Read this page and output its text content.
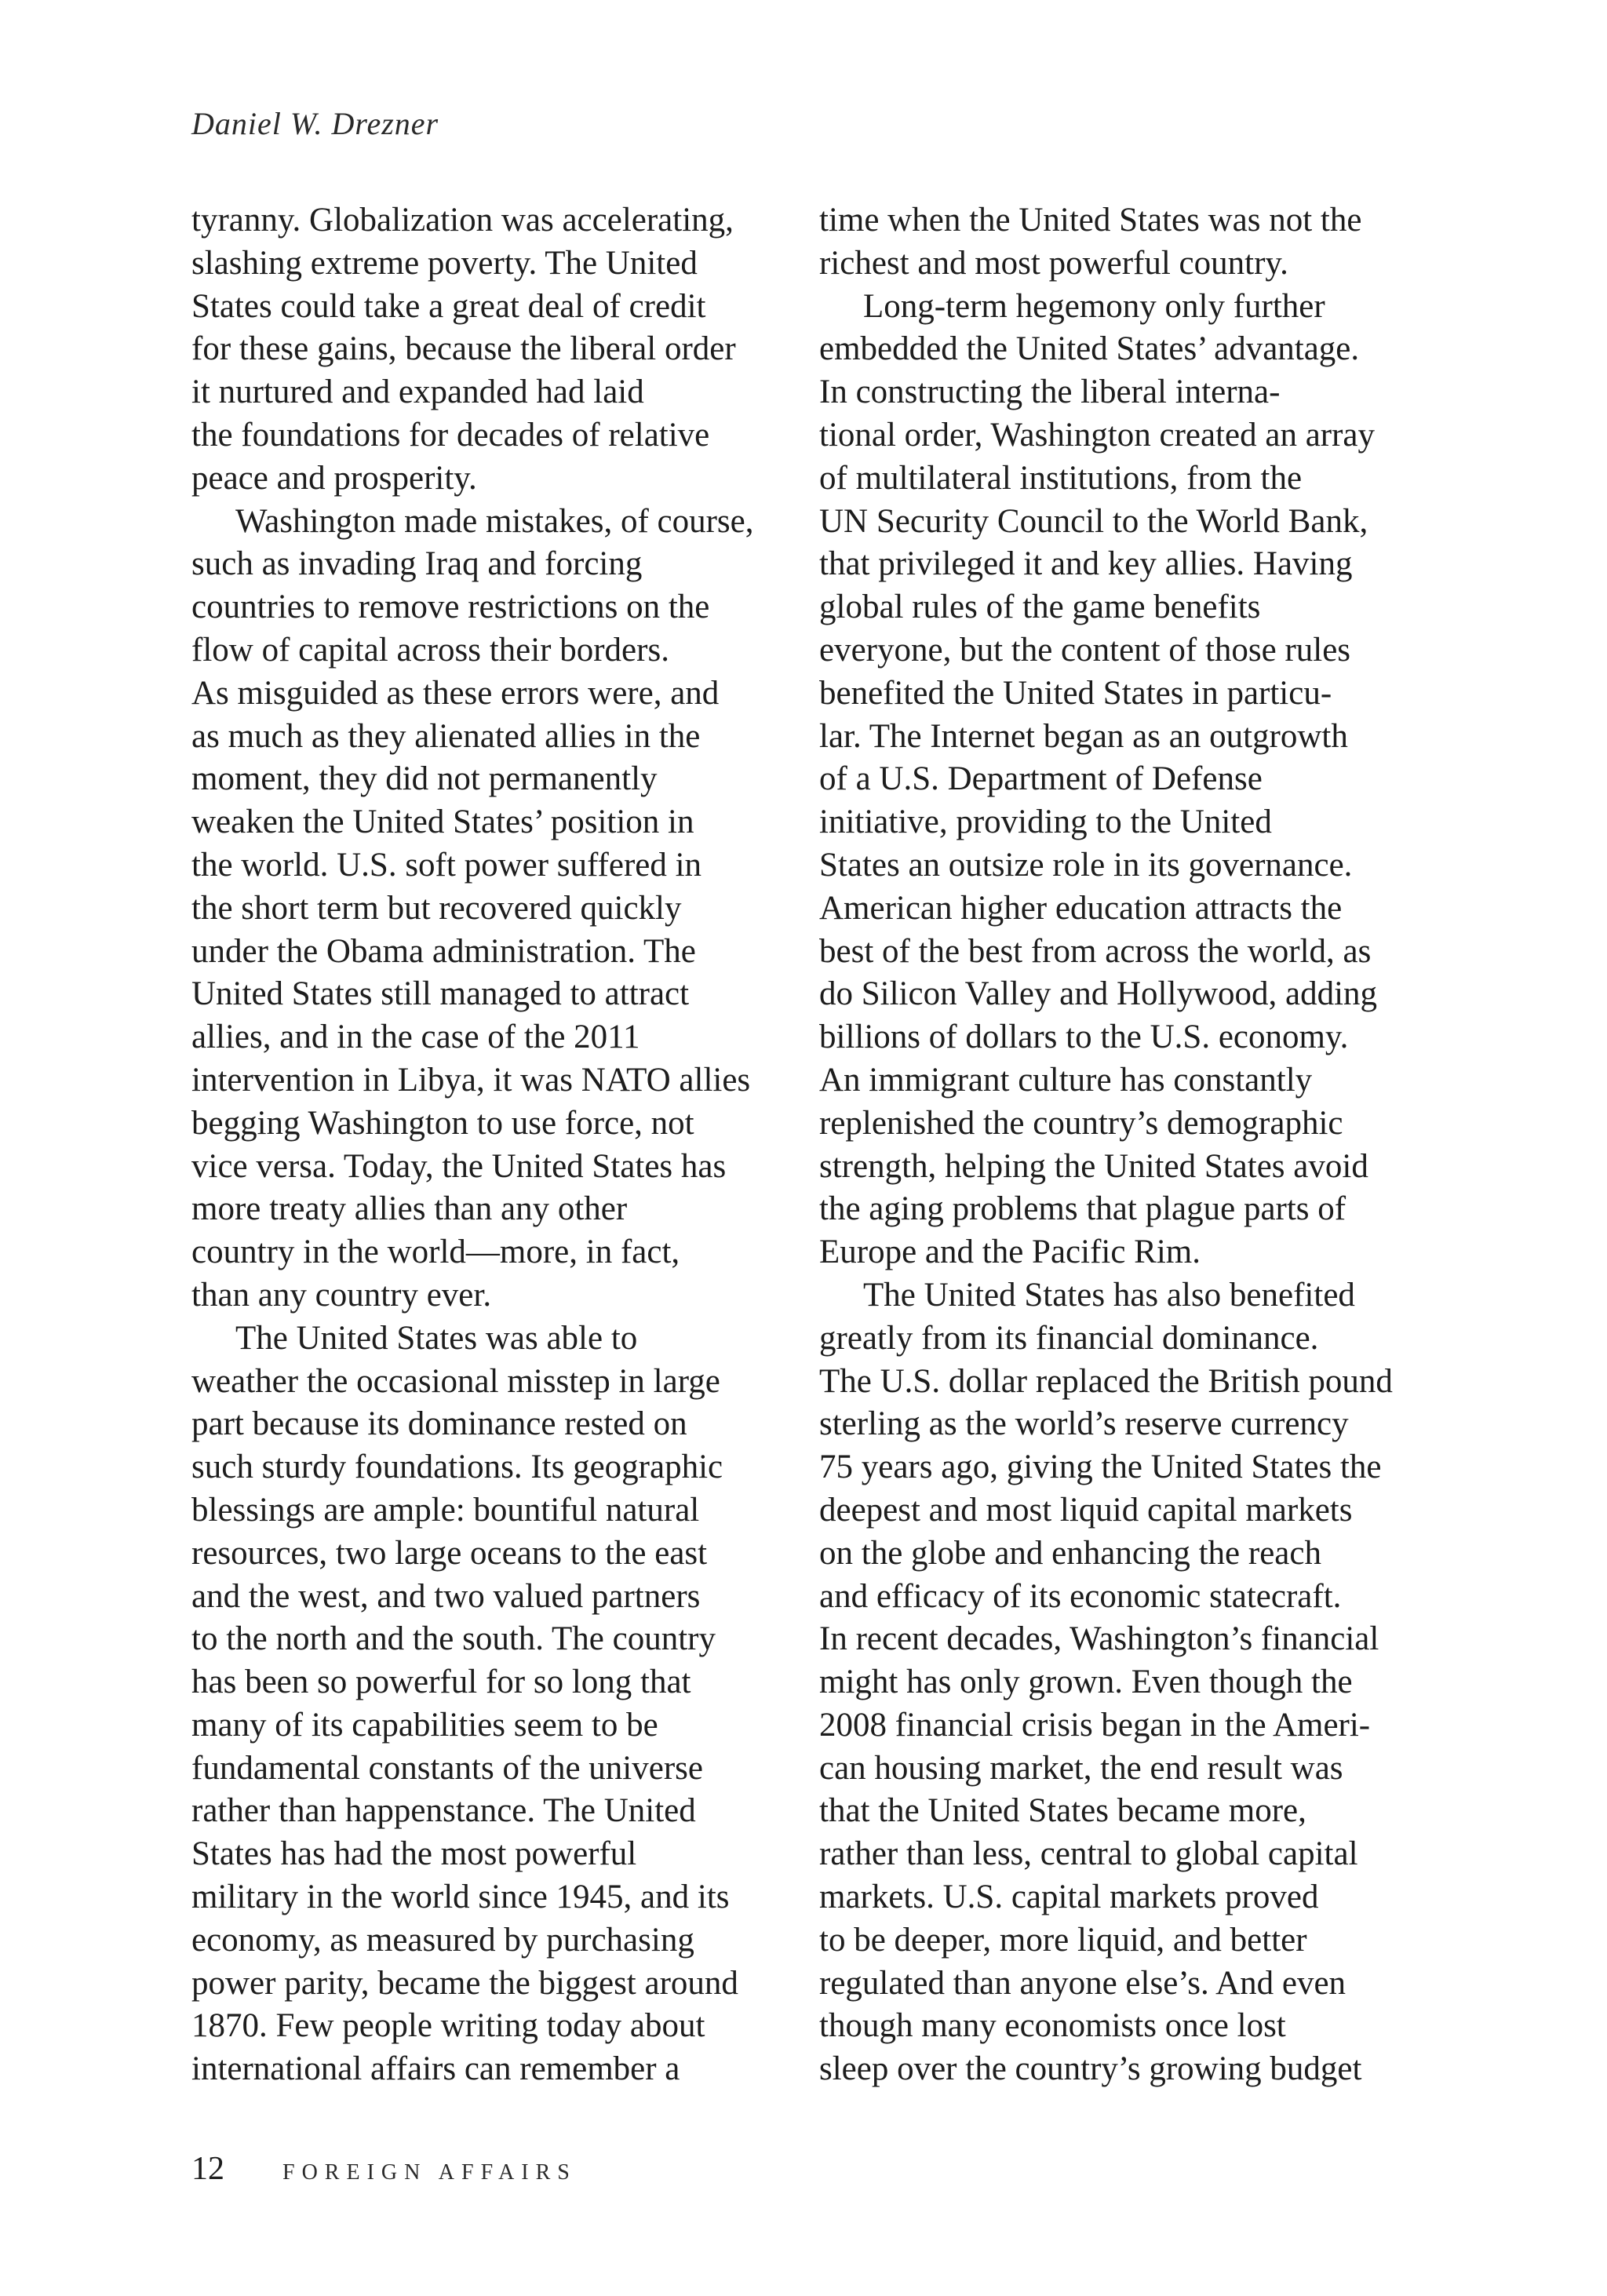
Daniel W. Drezner
tyranny. Globalization was accelerating,
slashing extreme poverty. The United
States could take a great deal of credit
for these gains, because the liberal order
it nurtured and expanded had laid
the foundations for decades of relative
peace and prosperity.
Washington made mistakes, of course,
such as invading Iraq and forcing
countries to remove restrictions on the
flow of capital across their borders.
As misguided as these errors were, and
as much as they alienated allies in the
moment, they did not permanently
weaken the United States’ position in
the world. U.S. soft power suffered in
the short term but recovered quickly
under the Obama administration. The
United States still managed to attract
allies, and in the case of the 2011
intervention in Libya, it was NATO allies
begging Washington to use force, not
vice versa. Today, the United States has
more treaty allies than any other
country in the world—more, in fact,
than any country ever.
The United States was able to
weather the occasional misstep in large
part because its dominance rested on
such sturdy foundations. Its geographic
blessings are ample: bountiful natural
resources, two large oceans to the east
and the west, and two valued partners
to the north and the south. The country
has been so powerful for so long that
many of its capabilities seem to be
fundamental constants of the universe
rather than happenstance. The United
States has had the most powerful
military in the world since 1945, and its
economy, as measured by purchasing
power parity, became the biggest around
1870. Few people writing today about
international affairs can remember a
time when the United States was not the
richest and most powerful country.
Long-term hegemony only further
embedded the United States’ advantage.
In constructing the liberal interna-
tional order, Washington created an array
of multilateral institutions, from the
UN Security Council to the World Bank,
that privileged it and key allies. Having
global rules of the game benefits
everyone, but the content of those rules
benefited the United States in particu-
lar. The Internet began as an outgrowth
of a U.S. Department of Defense
initiative, providing to the United
States an outsize role in its governance.
American higher education attracts the
best of the best from across the world, as
do Silicon Valley and Hollywood, adding
billions of dollars to the U.S. economy.
An immigrant culture has constantly
replenished the country’s demographic
strength, helping the United States avoid
the aging problems that plague parts of
Europe and the Pacific Rim.
The United States has also benefited
greatly from its financial dominance.
The U.S. dollar replaced the British pound
sterling as the world’s reserve currency
75 years ago, giving the United States the
deepest and most liquid capital markets
on the globe and enhancing the reach
and efficacy of its economic statecraft.
In recent decades, Washington’s financial
might has only grown. Even though the
2008 financial crisis began in the Ameri-
can housing market, the end result was
that the United States became more,
rather than less, central to global capital
markets. U.S. capital markets proved
to be deeper, more liquid, and better
regulated than anyone else’s. And even
though many economists once lost
sleep over the country’s growing budget
12	FOREIGN AFFAIRS
